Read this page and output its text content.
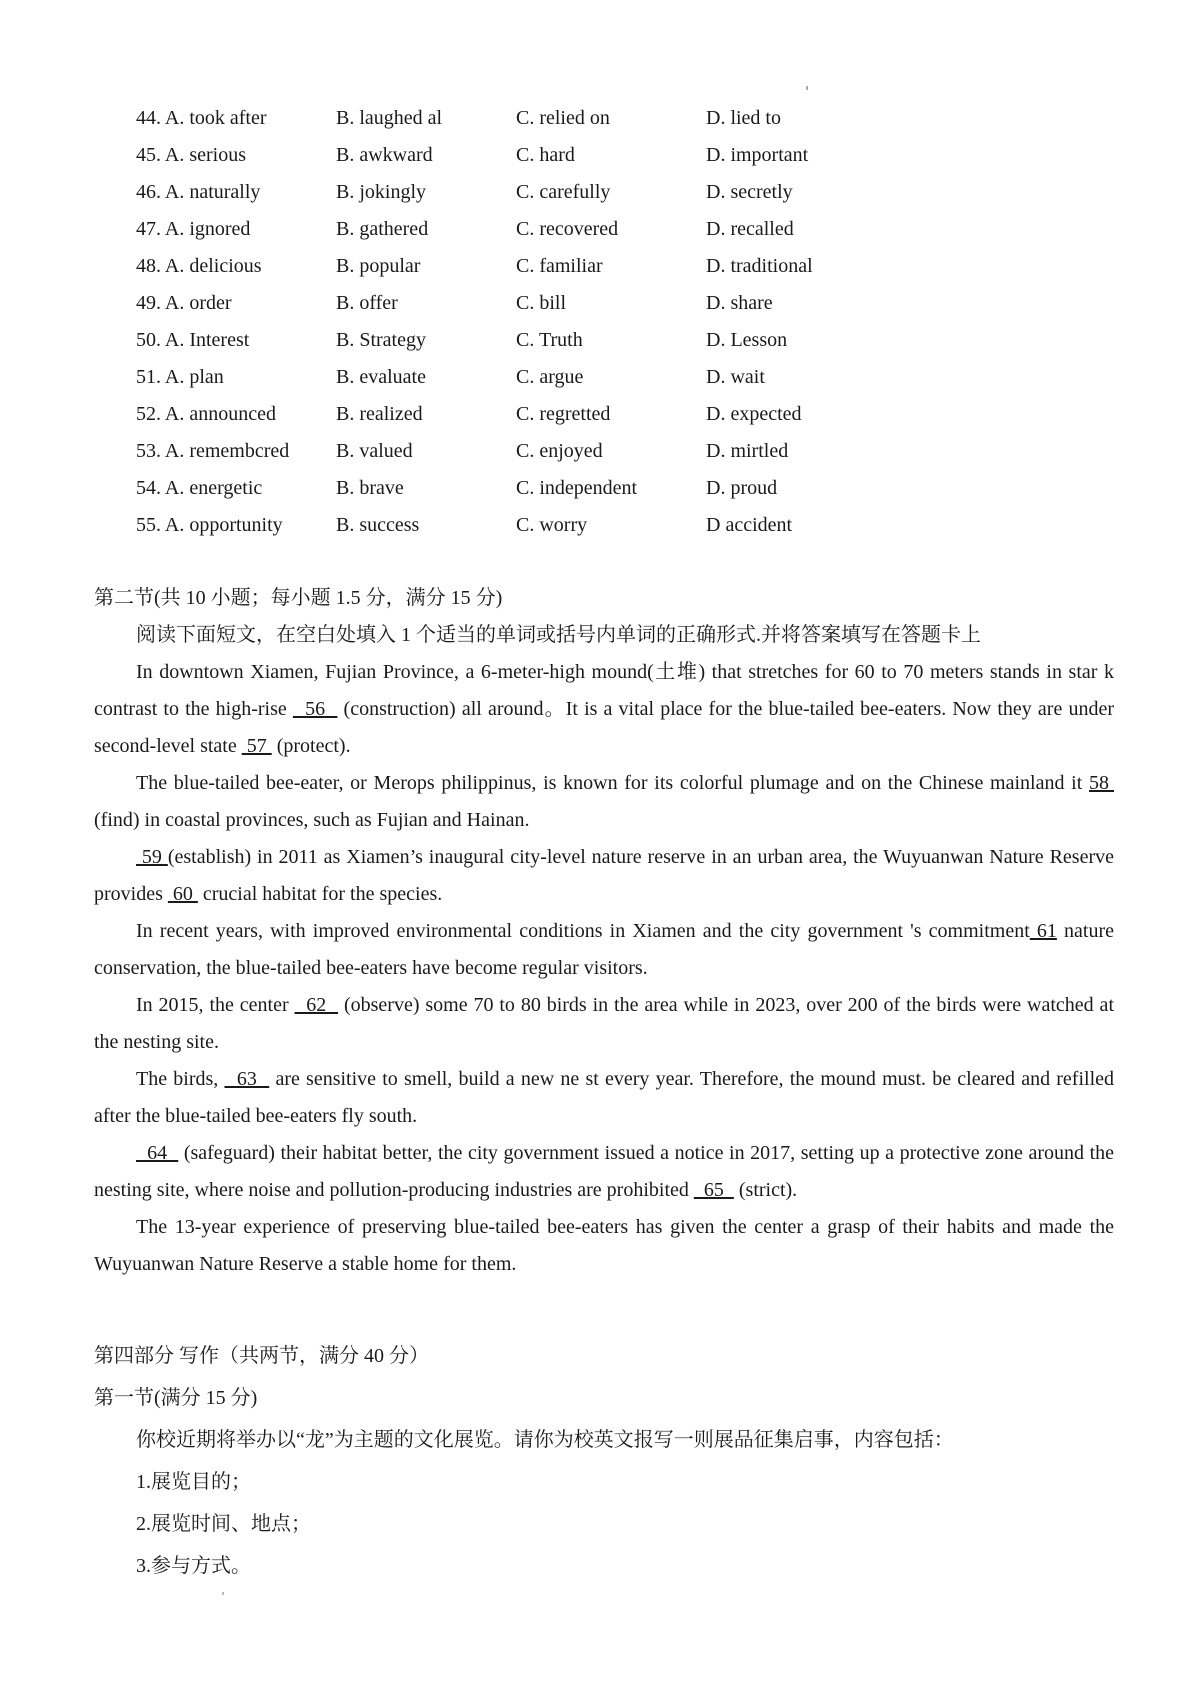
44. A. took after	B. laughed al	C. relied on	D. lied to
45. A. serious	B. awkward	C. hard	D. important
46. A. naturally	B. jokingly	C. carefully	D. secretly
47. A. ignored	B. gathered	C. recovered	D. recalled
48. A. delicious	B. popular	C. familiar	D. traditional
49. A. order	B. offer	C. bill	D. share
50. A. Interest	B. Strategy	C. Truth	D. Lesson
51. A. plan	B. evaluate	C. argue	D. wait
52. A. announced	B. realized	C. regretted	D. expected
53. A. remembcred B. valued	C. enjoyed	D. mirtled
54. A. energetic	B. brave	C. independent	D. proud
55. A. opportunity	B. success	C. worry	D accident
第二节(共 10 小题；每小题 1.5 分，满分 15 分)
阅读下面短文，在空白处填入 1 个适当的单词或括号内单词的正确形式.并将答案填写在答题卡上

In downtown Xiamen, Fujian Province, a 6-meter-high mound(土堆) that stretches for 60 to 70 meters stands in star k contrast to the high-rise   56   (construction) all around。It is a vital place for the blue-tailed bee-eaters. Now they are under second-level state  57  (protect).

The blue-tailed bee-eater, or Merops philippinus, is known for its colorful plumage and on the Chinese mainland it 58  (find) in coastal provinces, such as Fujian and Hainan.

59 (establish) in 2011 as Xiamen’s inaugural city-level nature reserve in an urban area, the Wuyuanwan Nature Reserve provides  60  crucial habitat for the species.

In recent years, with improved environmental conditions in Xiamen and the city government 's commitment 61 nature conservation, the blue-tailed bee-eaters have become regular visitors.

In 2015, the center   62   (observe) some 70 to 80 birds in the area while in 2023, over 200 of the birds were watched at the nesting site.

The birds,   63   are sensitive to smell, build a new ne st every year. Therefore, the mound must. be cleared and refilled after the blue-tailed bee-eaters fly south.

64   (safeguard) their habitat better, the city government issued a notice in 2017, setting up a protective zone around the nesting site, where noise and pollution-producing industries are prohibited   65   (strict).

The 13-year experience of preserving blue-tailed bee-eaters has given the center a grasp of their habits and made the Wuyuanwan Nature Reserve a stable home for them.

第四部分 写作（共两节，满分 40 分）
第一节(满分 15 分)
你校近期将举办以“龙”为主题的文化展览。请你为校英文报写一则展品征集启事，内容包括：
1.展览目的；
2.展览时间、地点；
3.参与方式。
